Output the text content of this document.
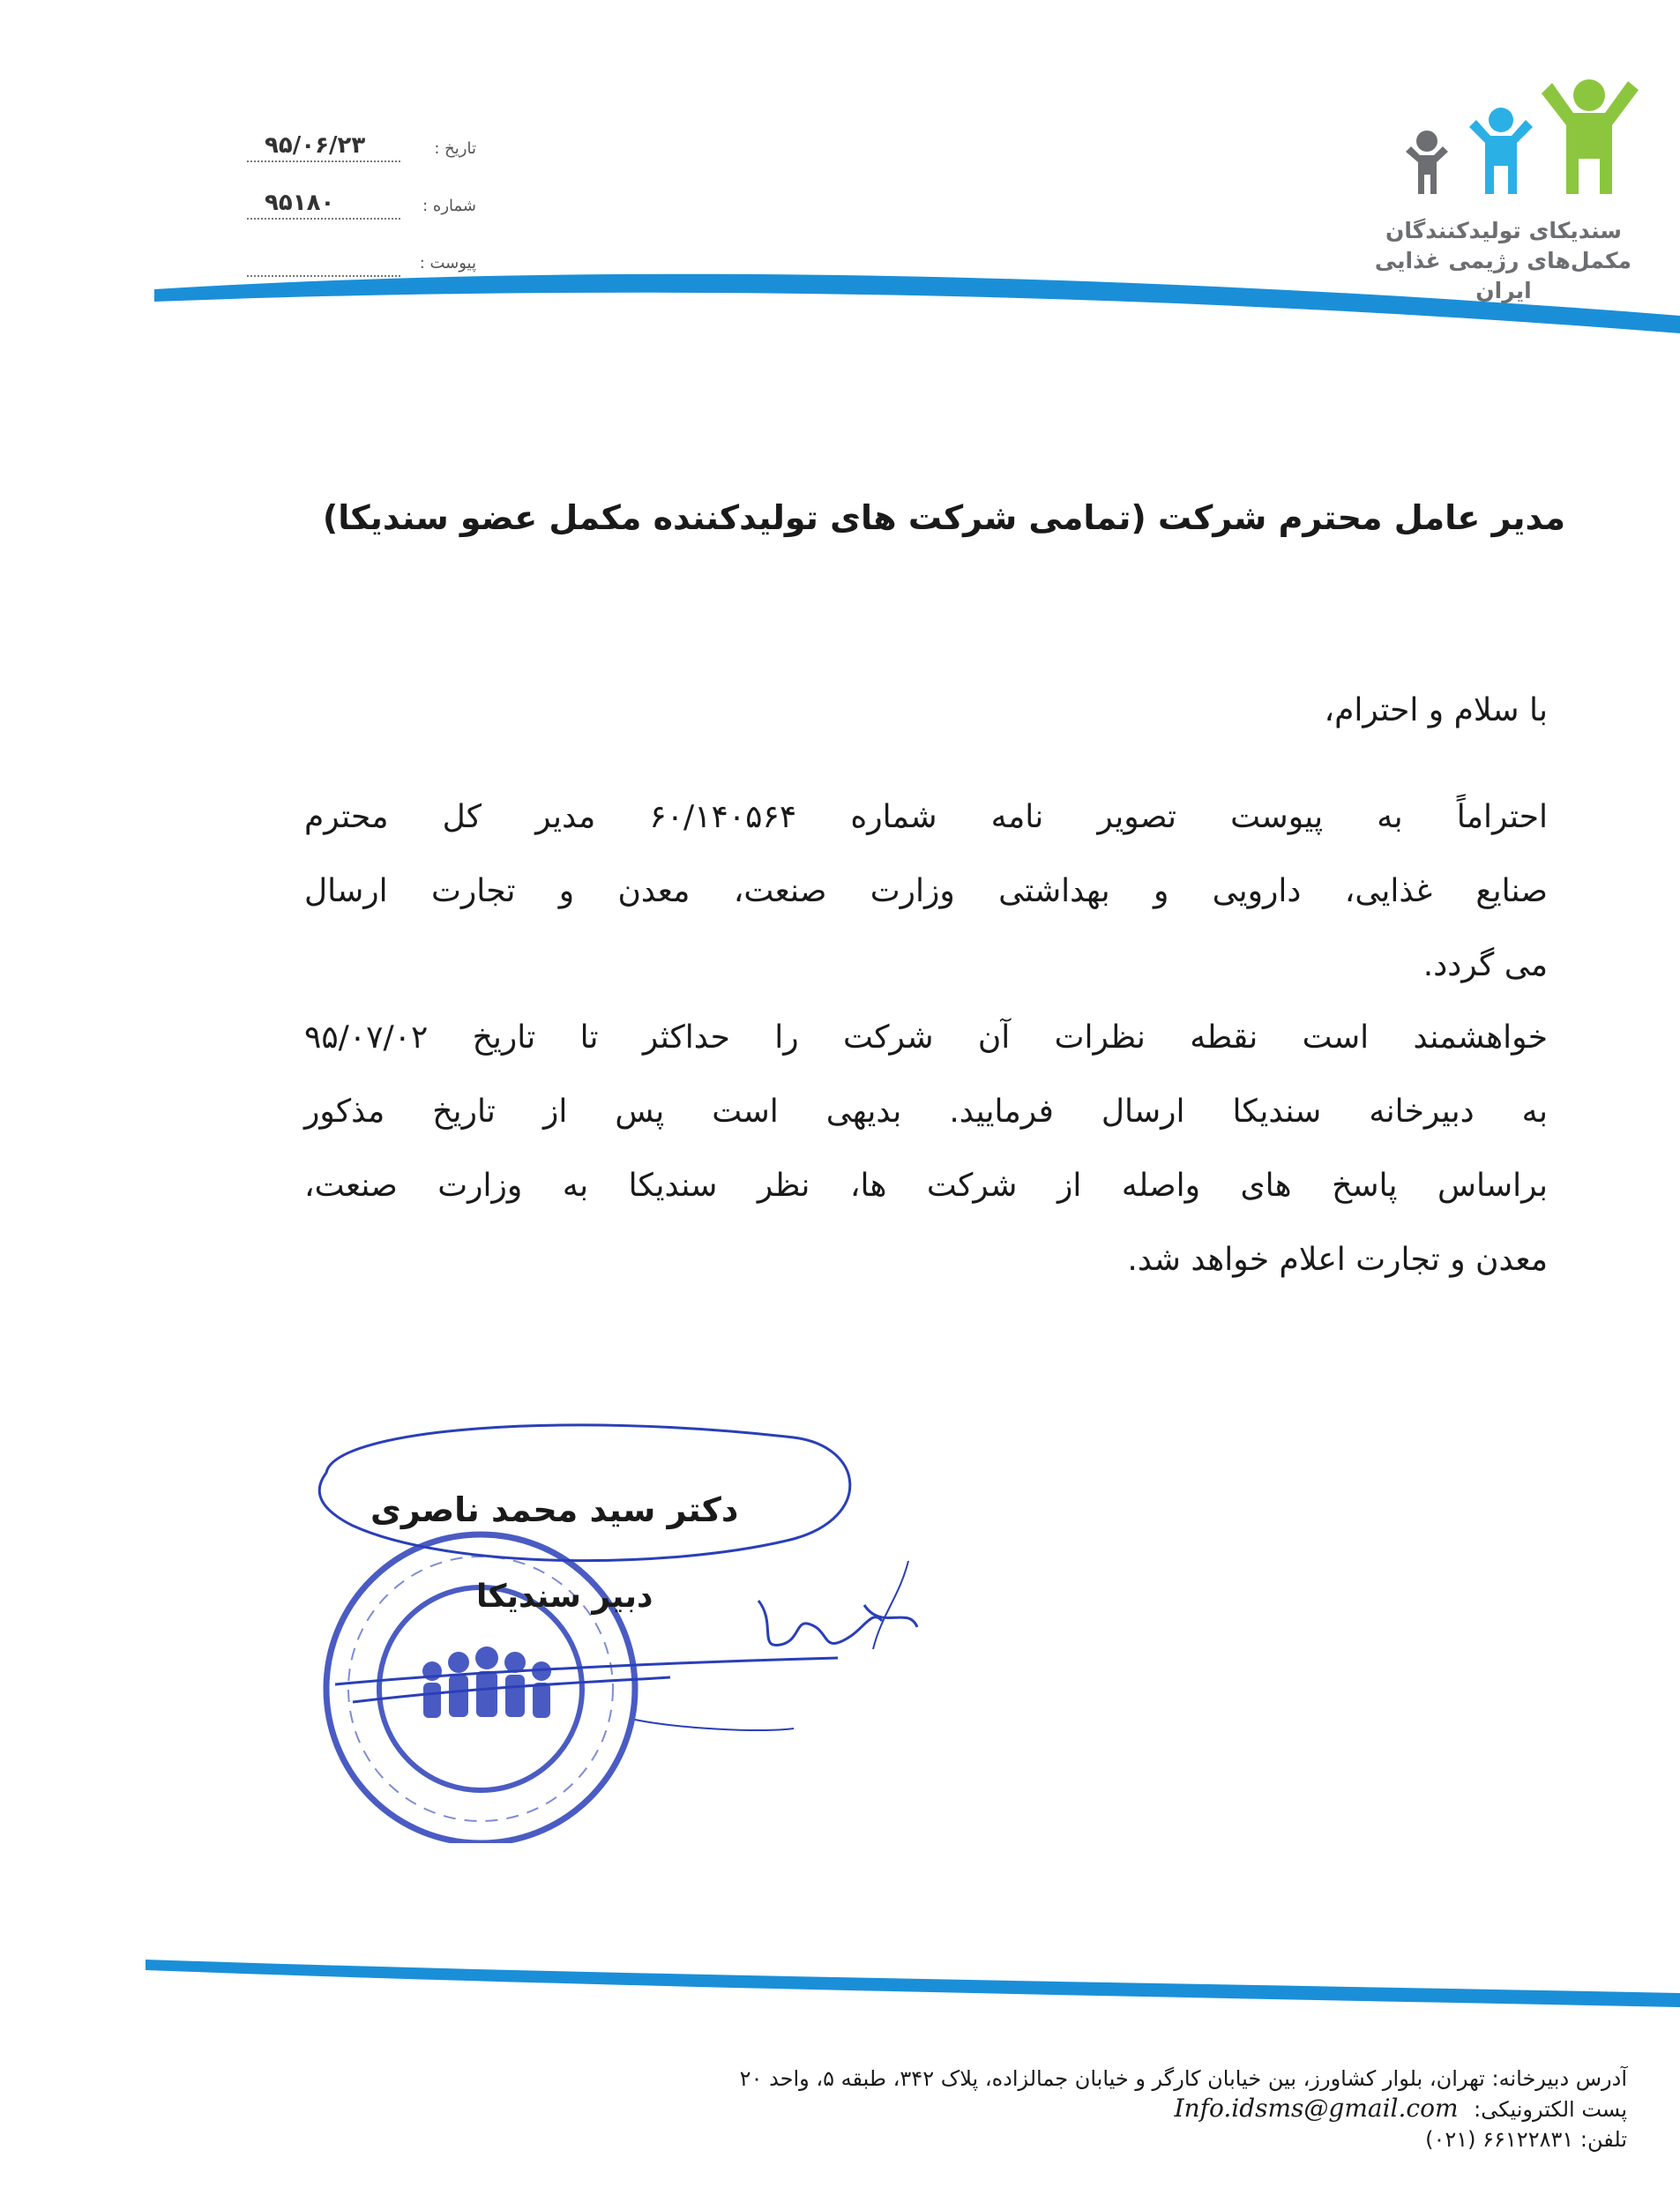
تاریخ :
۹۵/۰۶/۲۳
شماره :
۹۵۱۸۰
پیوست :
سندیکای تولیدکنندگان
مکمل‌های رژیمی غذایی
ایران
مدیر عامل محترم شرکت (تمامی شرکت های تولیدکننده مکمل عضو سندیکا)
با سلام و احترام،
احتراماً به پیوست تصویر نامه شماره ۶۰/۱۴۰۵۶۴ مدیر کل محترم
صنایع غذایی، دارویی و بهداشتی وزارت صنعت، معدن و تجارت ارسال
می گردد.
خواهشمند است نقطه نظرات آن شرکت را حداکثر تا تاریخ ۹۵/۰۷/۰۲
به دبیرخانه سندیکا ارسال فرمایید. بدیهی است پس از تاریخ مذکور
براساس پاسخ های واصله از شرکت ها، نظر سندیکا به وزارت صنعت،
معدن و تجارت اعلام خواهد شد.
دکتر سید محمد ناصری
دبیر سندیکا
آدرس دبیرخانه: تهران، بلوار کشاورز، بین خیابان کارگر و خیابان جمالزاده، پلاک ۳۴۲، طبقه ۵، واحد ۲۰
پست الکترونیکی: Info.idsms@gmail.com
تلفن: ۶۶۱۲۲۸۳۱ (۰۲۱)
